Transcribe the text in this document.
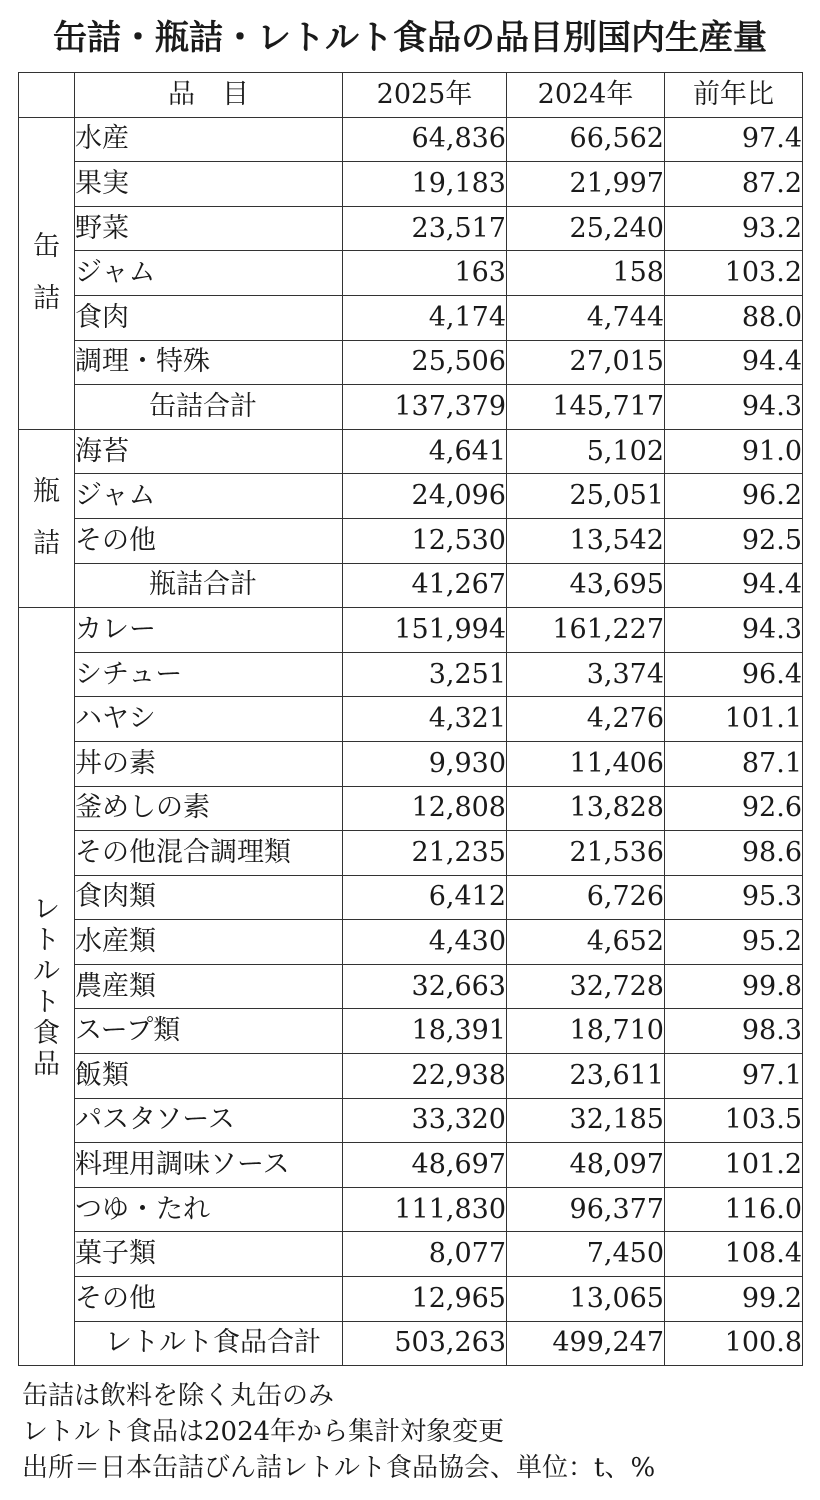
缶詰・瓶詰・レトルト食品の品目別国内生産量
	品　目	2025年	2024年	前年比
缶詰	水産	64,836	66,562	97.4
	果実	19,183	21,997	87.2
	野菜	23,517	25,240	93.2
	ジャム	163	158	103.2
	食肉	4,174	4,744	88.0
	調理・特殊	25,506	27,015	94.4
	缶詰合計	137,379	145,717	94.3
瓶詰	海苔	4,641	5,102	91.0
	ジャム	24,096	25,051	96.2
	その他	12,530	13,542	92.5
	瓶詰合計	41,267	43,695	94.4
レトルト食品	カレー	151,994	161,227	94.3
	シチュー	3,251	3,374	96.4
	ハヤシ	4,321	4,276	101.1
	丼の素	9,930	11,406	87.1
	釜めしの素	12,808	13,828	92.6
	その他混合調理類	21,235	21,536	98.6
	食肉類	6,412	6,726	95.3
	水産類	4,430	4,652	95.2
	農産類	32,663	32,728	99.8
	スープ類	18,391	18,710	98.3
	飯類	22,938	23,611	97.1
	パスタソース	33,320	32,185	103.5
	料理用調味ソース	48,697	48,097	101.2
	つゆ・たれ	111,830	96,377	116.0
	菓子類	8,077	7,450	108.4
	その他	12,965	13,065	99.2
	レトルト食品合計	503,263	499,247	100.8
缶詰は飲料を除く丸缶のみ
レトルト食品は2024年から集計対象変更
出所＝日本缶詰びん詰レトルト食品協会、単位：t、%
